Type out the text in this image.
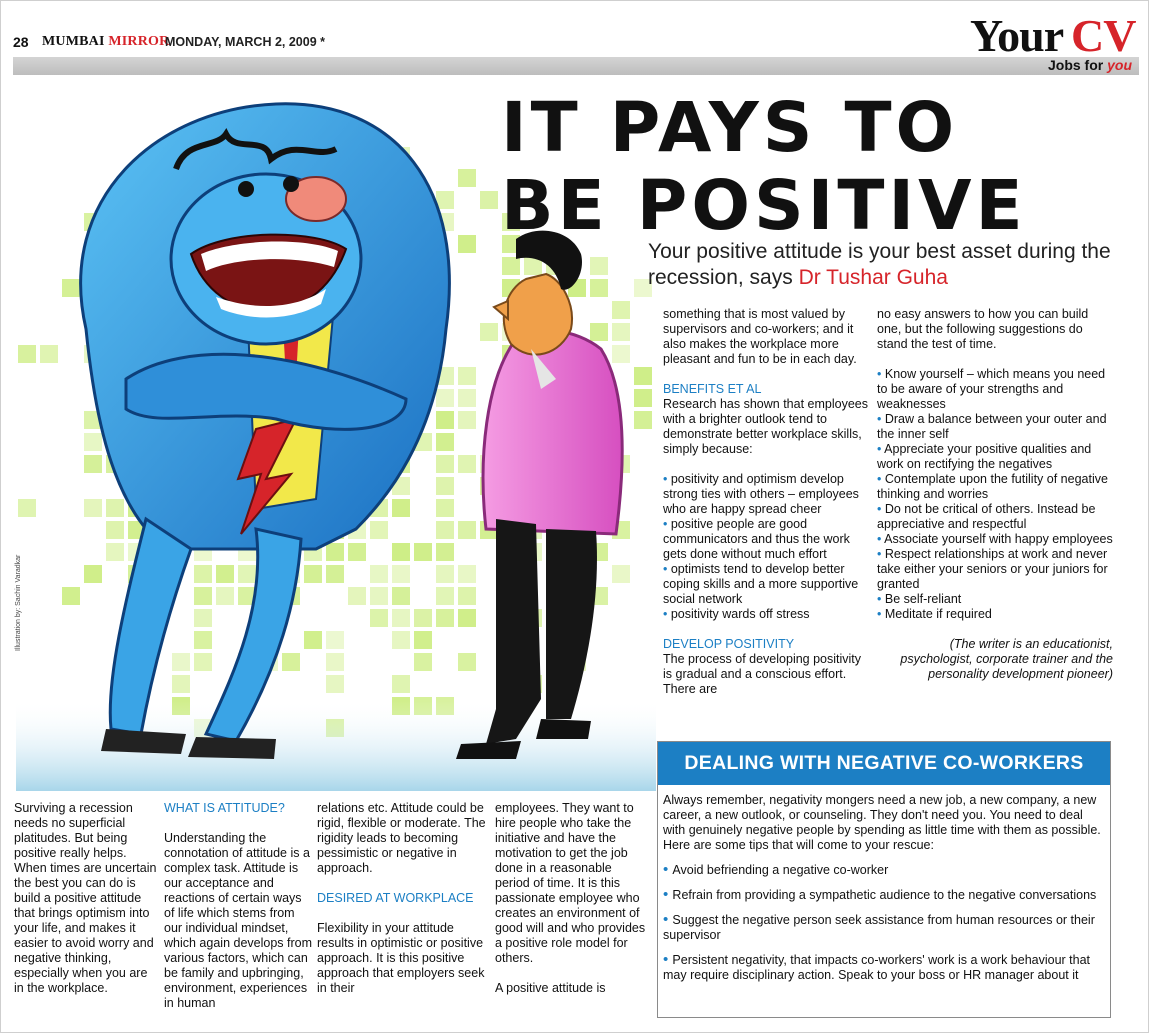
28 MUMBAI MIRROR
MONDAY, MARCH 2, 2009 *	Your CV
Jobs for you
Illustration by: Sachin Varadkar
IT PAYS TO
BE POSITIVE
Your positive attitude is your best asset during the recession, says Dr Tushar Guha

something that is most valued by supervisors and co-workers; and it also makes the workplace more pleasant and fun to be in each day.

BENEFITS ET AL

Research has shown that employees with a brighter outlook tend to demonstrate better workplace skills, simply because:

• positivity and optimism develop strong ties with others – employees who are happy spread cheer

• positive people are good communicators and thus the work gets done without much effort

• optimists tend to develop better coping skills and a more supportive social network

• positivity wards off stress

DEVELOP POSITIVITY

The process of developing positivity is gradual and a conscious effort. There are

no easy answers to how you can build one, but the following suggestions do stand the test of time.

• Know yourself – which means you need to be aware of your strengths and weaknesses

• Draw a balance between your outer and the inner self

• Appreciate your positive qualities and work on rectifying the negatives

• Contemplate upon the futility of negative thinking and worries

• Do not be critical of others. Instead be appreciative and respectful

• Associate yourself with happy employees

• Respect relationships at work and never take either your seniors or your juniors for granted

• Be self-reliant

• Meditate if required

(The writer is an educationist, psychologist, corporate trainer and the personality development pioneer)

Surviving a recession needs no superficial platitudes. But being positive really helps. When times are uncertain the best you can do is build a positive attitude that brings optimism into your life, and makes it easier to avoid worry and negative thinking, especially when you are in the workplace.

WHAT IS ATTITUDE?

Understanding the connotation of attitude is a complex task. Attitude is our acceptance and reactions of certain ways of life which stems from our individual mindset, which again develops from various factors, which can be family and upbringing, environment, experiences in human

relations etc. Attitude could be rigid, flexible or moderate. The rigidity leads to becoming pessimistic or negative in approach.

DESIRED AT WORKPLACE

Flexibility in your attitude results in optimistic or positive approach. It is this positive approach that employers seek in their

employees. They want to hire people who take the initiative and have the motivation to get the job done in a reasonable period of time. It is this passionate employee who creates an environment of good will and who provides a positive role model for others.

A positive attitude is

DEALING WITH NEGATIVE CO-WORKERS

Always remember, negativity mongers need a new job, a new company, a new career, a new outlook, or counseling. They don't need you. You need to deal with genuinely negative people by spending as little time with them as possible. Here are some tips that will come to your rescue:

• Avoid befriending a negative co-worker

• Refrain from providing a sympathetic audience to the negative conversations

• Suggest the negative person seek assistance from human resources or their supervisor

• Persistent negativity, that impacts co-workers' work is a work behaviour that may require disciplinary action. Speak to your boss or HR manager about it
